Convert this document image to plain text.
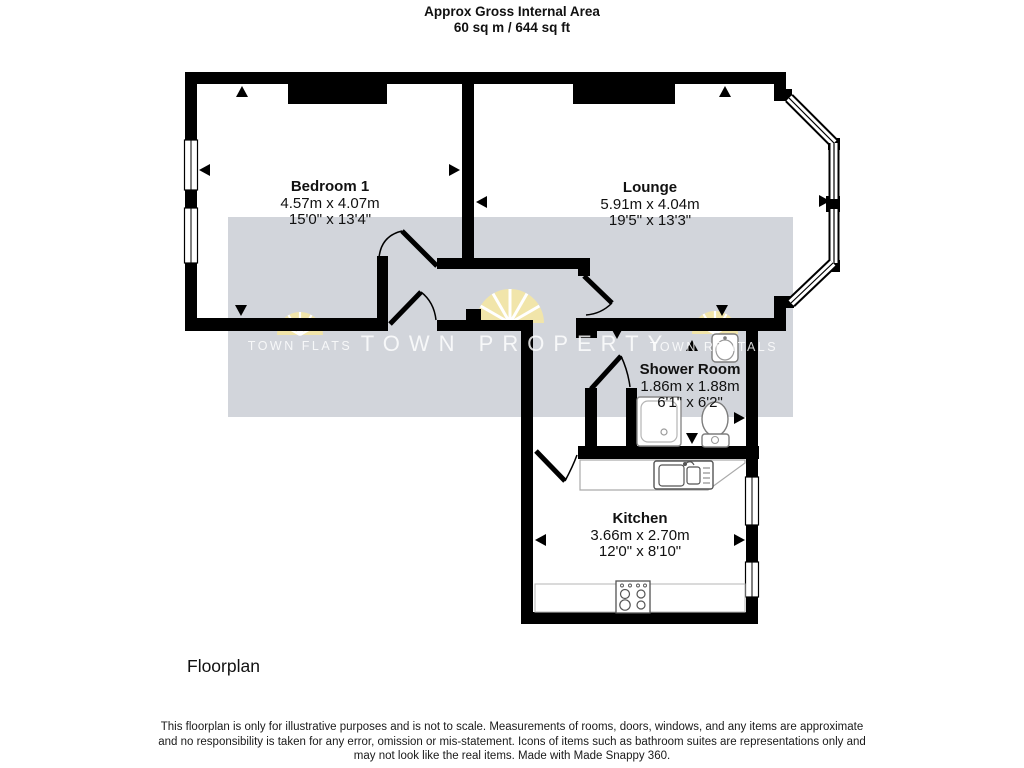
TOWN FLATS TOWN PROPERTY
TOWN RENTALS
Approx Gross Internal Area
60 sq m / 644 sq ft
Bedroom 1
4.57m x 4.07m
15'0" x 13'4"
Lounge
5.91m x 4.04m
19'5" x 13'3"
Shower Room
1.86m x 1.88m
6'1" x 6'2"
Kitchen
3.66m x 2.70m
12'0" x 8'10"
Floorplan
This floorplan is only for illustrative purposes and is not to scale. Measurements of rooms, doors, windows, and any items are approximate
and no responsibility is taken for any error, omission or mis-statement. Icons of items such as bathroom suites are representations only and
may not look like the real items. Made with Made Snappy 360.
